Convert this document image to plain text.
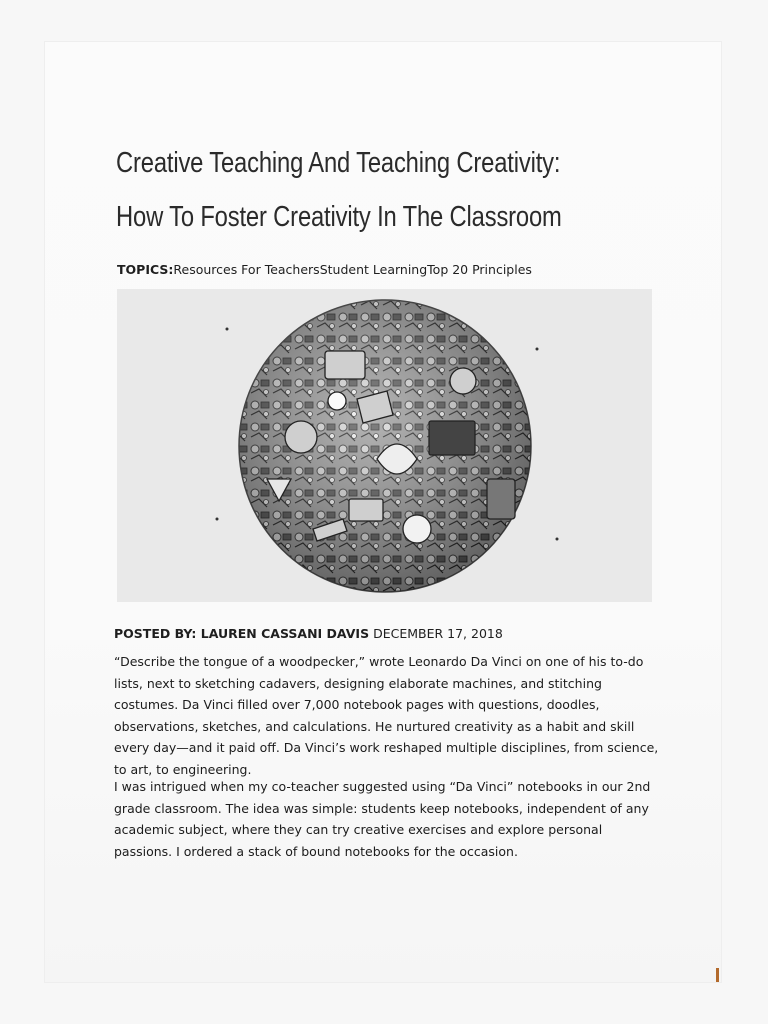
Creative Teaching And Teaching Creativity: How To Foster Creativity In The Classroom
TOPICS:Resources For TeachersStudent LearningTop 20 Principles
POSTED BY: LAUREN CASSANI DAVIS DECEMBER 17, 2018

“Describe the tongue of a woodpecker,” wrote Leonardo Da Vinci on one of his to-do lists, next to sketching cadavers, designing elaborate machines, and stitching costumes. Da Vinci filled over 7,000 notebook pages with questions, doodles, observations, sketches, and calculations. He nurtured creativity as a habit and skill every day—and it paid off. Da Vinci’s work reshaped multiple disciplines, from science, to art, to engineering.

I was intrigued when my co-teacher suggested using “Da Vinci” notebooks in our 2nd grade classroom. The idea was simple: students keep notebooks, independent of any academic subject, where they can try creative exercises and explore personal passions. I ordered a stack of bound notebooks for the occasion.
